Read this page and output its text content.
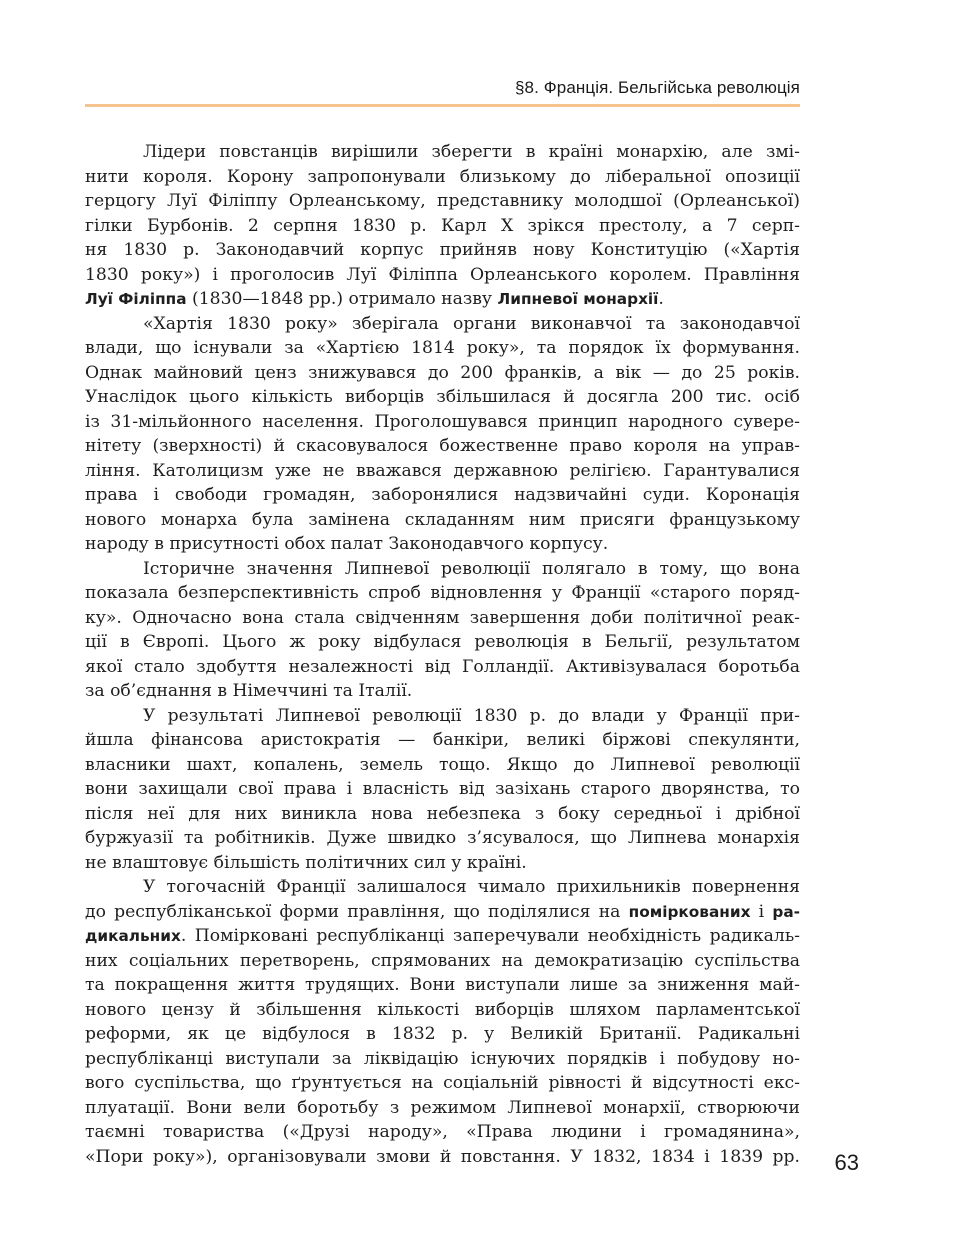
§8. Франція. Бельгійська революція

Лідери повстанців вирішили зберегти в країні монархію, але змі-
нити короля. Корону запропонували близькому до ліберальної опозиції
герцогу Луї Філіппу Орлеанському, представнику молодшої (Орлеанської)
гілки Бурбонів. 2 серпня 1830 р. Карл X зрікся престолу, а 7 серп-
ня 1830 р. Законодавчий корпус прийняв нову Конституцію («Хартія
1830 року») і проголосив Луї Філіппа Орлеанського королем. Правління
Луї Філіппа (1830—1848 рр.) отримало назву Липневої монархії.

«Хартія 1830 року» зберігала органи виконавчої та законодавчої
влади, що існували за «Хартією 1814 року», та порядок їх формування.
Однак майновий ценз знижувався до 200 франків, а вік — до 25 років.
Унаслідок цього кількість виборців збільшилася й досягла 200 тис. осіб
із 31-мільйонного населення. Проголошувався принцип народного сувере-
нітету (зверхності) й скасовувалося божественне право короля на управ-
ління. Католицизм уже не вважався державною релігією. Гарантувалися
права і свободи громадян, заборонялися надзвичайні суди. Коронація
нового монарха була замінена складанням ним присяги французькому
народу в присутності обох палат Законодавчого корпусу.

Історичне значення Липневої революції полягало в тому, що вона
показала безперспективність спроб відновлення у Франції «старого поряд-
ку». Одночасно вона стала свідченням завершення доби політичної реак-
ції в Європі. Цього ж року відбулася революція в Бельгії, результатом
якої стало здобуття незалежності від Голландії. Активізувалася боротьба
за об’єднання в Німеччині та Італії.

У результаті Липневої революції 1830 р. до влади у Франції при-
йшла фінансова аристократія — банкіри, великі біржові спекулянти,
власники шахт, копалень, земель тощо. Якщо до Липневої революції
вони захищали свої права і власність від зазіхань старого дворянства, то
після неї для них виникла нова небезпека з боку середньої і дрібної
буржуазії та робітників. Дуже швидко з’ясувалося, що Липнева монархія
не влаштовує більшість політичних сил у країні.

У тогочасній Франції залишалося чимало прихильників повернення
до республіканської форми правління, що поділялися на поміркованих і ра-
дикальних. Поміркованi республіканці заперечували необхідність радикаль-
них соціальних перетворень, спрямованих на демократизацію суспільства
та покращення життя трудящих. Вони виступали лише за зниження май-
нового цензу й збільшення кількості виборців шляхом парламентської
реформи, як це відбулося в 1832 р. у Великій Британії. Радикальні
республіканці виступали за ліквідацію існуючих порядків і побудову но-
вого суспільства, що ґрунтується на соціальній рівності й відсутності екс-
плуатації. Вони вели боротьбу з режимом Липневої монархії, створюючи
таємні товариства («Друзі народу», «Права людини і громадянина»,
«Пори року»), організовували змови й повстання. У 1832, 1834 і 1839 рр. 63
